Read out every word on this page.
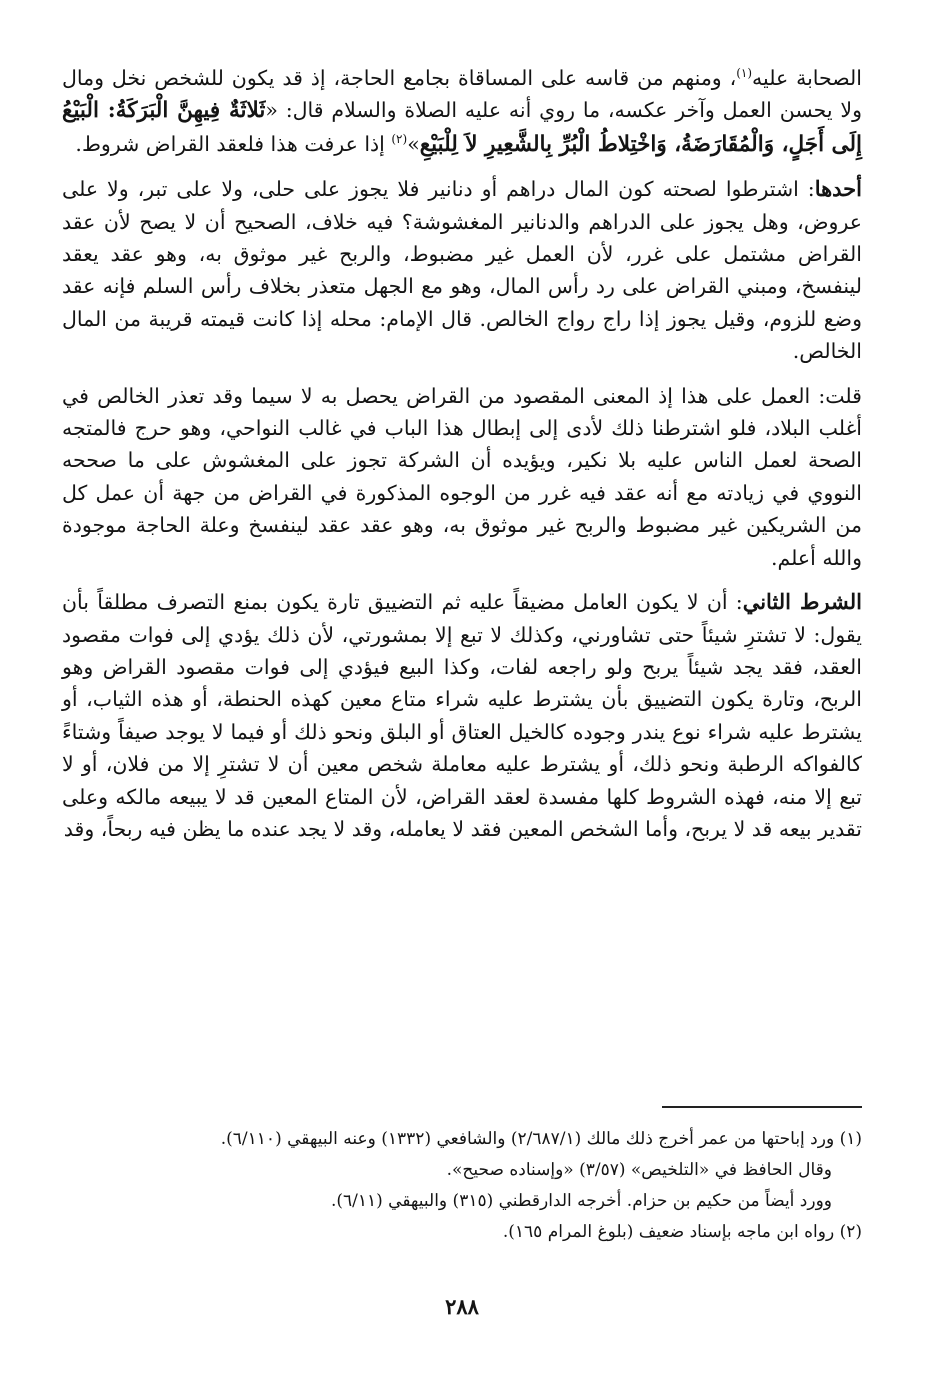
الصحابة عليه$^{(١)}$، ومنهم من قاسه على المساقاة بجامع الحاجة، إذ قد يكون للشخص نخل ومال ولا يحسن العمل وآخر عكسه، ما روي أنه عليه الصلاة والسلام قال: «ثَلاثَةٌ فِيهِنَّ الْبَرَكَةُ: الْبَيْعُ إِلَى أَجَلٍ، وَالْمُقَارَضَةُ، وَاخْتِلاطُ الْبُرِّ بِالشَّعِيرِ لاَ لِلْبَيْعِ»$^{(٢)}$ إذا عرفت هذا فلعقد القراض شروط.

أحدها: اشترطوا لصحته كون المال دراهم أو دنانير فلا يجوز على حلى، ولا على تبر، ولا على عروض، وهل يجوز على الدراهم والدنانير المغشوشة؟ فيه خلاف، الصحيح أن لا يصح لأن عقد القراض مشتمل على غرر، لأن العمل غير مضبوط، والربح غير موثوق به، وهو عقد يعقد لينفسخ، ومبني القراض على رد رأس المال، وهو مع الجهل متعذر بخلاف رأس السلم فإنه عقد وضع للزوم، وقيل يجوز إذا راج رواج الخالص. قال الإمام: محله إذا كانت قيمته قريبة من المال الخالص.

قلت: العمل على هذا إذ المعنى المقصود من القراض يحصل به لا سيما وقد تعذر الخالص في أغلب البلاد، فلو اشترطنا ذلك لأدى إلى إبطال هذا الباب في غالب النواحي، وهو حرج فالمتجه الصحة لعمل الناس عليه بلا نكير، ويؤيده أن الشركة تجوز على المغشوش على ما صححه النووي في زيادته مع أنه عقد فيه غرر من الوجوه المذكورة في القراض من جهة أن عمل كل من الشريكين غير مضبوط والربح غير موثوق به، وهو عقد عقد لينفسخ وعلة الحاجة موجودة والله أعلم.

الشرط الثاني: أن لا يكون العامل مضيقاً عليه ثم التضييق تارة يكون بمنع التصرف مطلقاً بأن يقول: لا تشترِ شيئاً حتى تشاورني، وكذلك لا تبع إلا بمشورتي، لأن ذلك يؤدي إلى فوات مقصود العقد، فقد يجد شيئاً يربح ولو راجعه لفات، وكذا البيع فيؤدي إلى فوات مقصود القراض وهو الربح، وتارة يكون التضييق بأن يشترط عليه شراء متاع معين كهذه الحنطة، أو هذه الثياب، أو يشترط عليه شراء نوع يندر وجوده كالخيل العتاق أو البلق ونحو ذلك أو فيما لا يوجد صيفاً وشتاءً كالفواكه الرطبة ونحو ذلك، أو يشترط عليه معاملة شخص معين أن لا تشترِ إلا من فلان، أو لا تبع إلا منه، فهذه الشروط كلها مفسدة لعقد القراض، لأن المتاع المعين قد لا يبيعه مالكه وعلى تقدير بيعه قد لا يربح، وأما الشخص المعين فقد لا يعامله، وقد لا يجد عنده ما يظن فيه ربحاً، وقد

(١) ورد إباحتها من عمر أخرج ذلك مالك (٢/٦٨٧/١) والشافعي (١٣٣٢) وعنه البيهقي (٦/١١٠).

وقال الحافظ في «التلخيص» (٣/٥٧) «وإسناده صحيح».

وورد أيضاً من حكيم بن حزام. أخرجه الدارقطني (٣١٥) والبيهقي (٦/١١).

(٢) رواه ابن ماجه بإسناد ضعيف (بلوغ المرام ١٦٥).

٢٨٨
